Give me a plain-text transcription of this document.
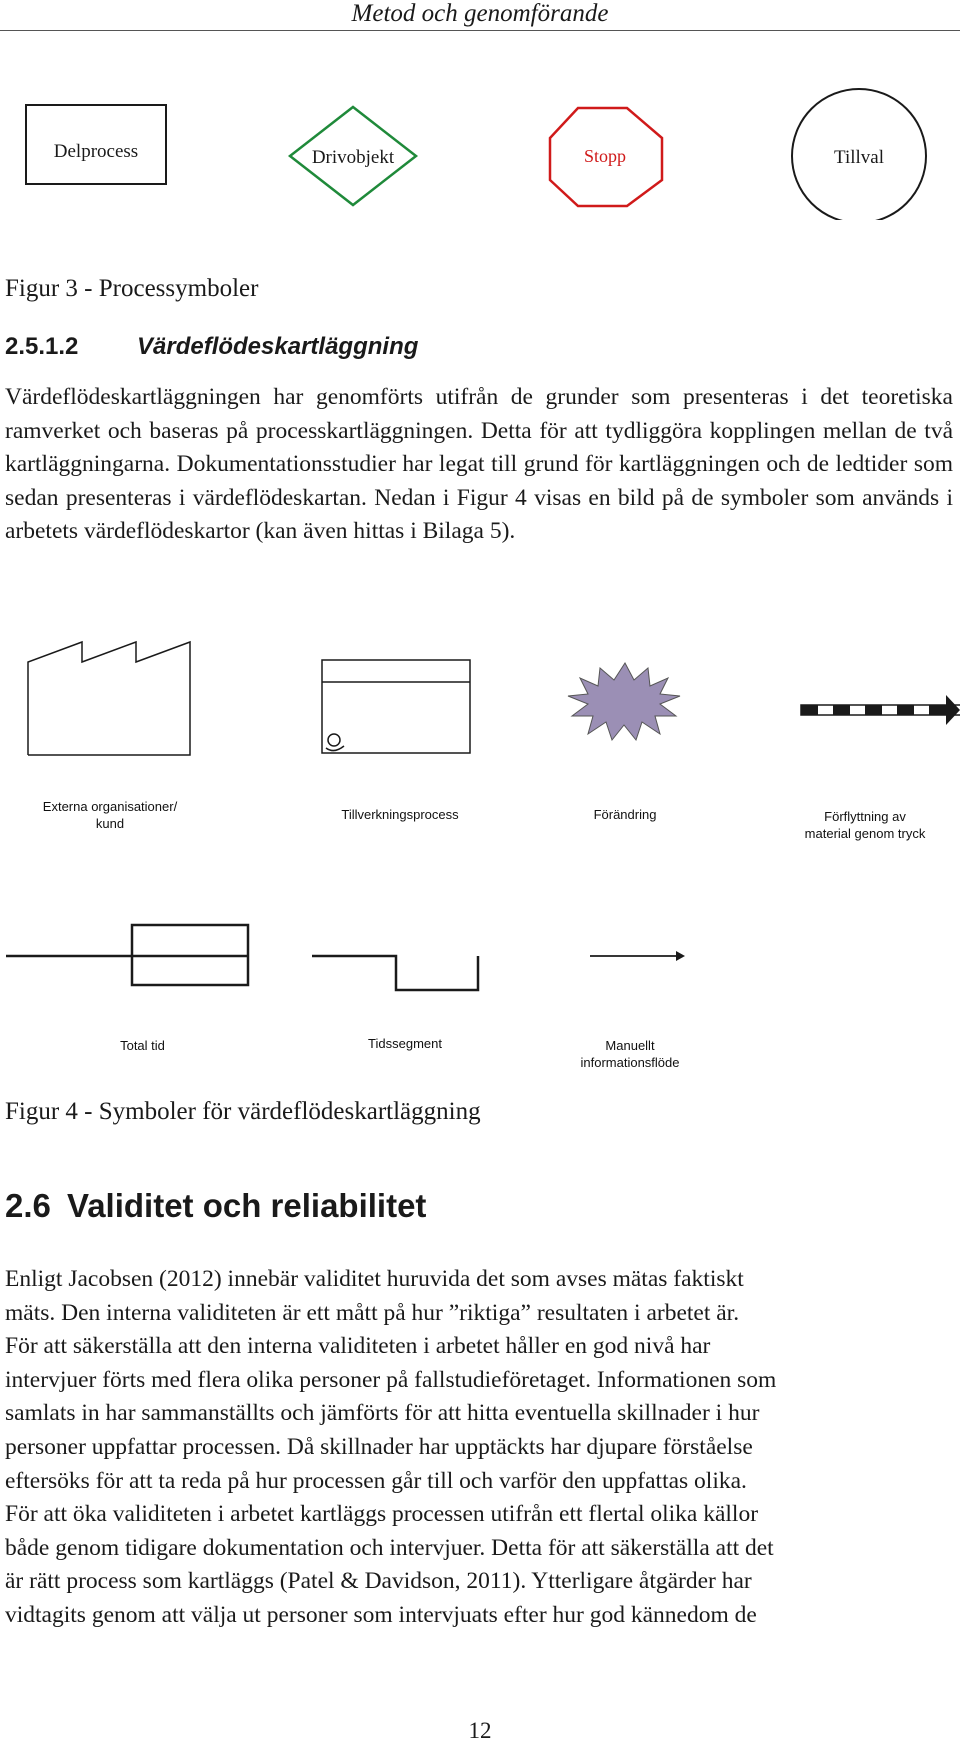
Metod och genomförande
Delprocess	Drivobjekt	Stopp	Tillval
Figur 3 - Processymboler
2.5.1.2 Värdeflödeskartläggning
Värdeflödeskartläggningen har genomförts utifrån de grunder som presenteras i det teoretiska ramverket och baseras på processkartläggningen. Detta för att tydliggöra kopplingen mellan de två kartläggningarna. Dokumentationsstudier har legat till grund för kartläggningen och de ledtider som sedan presenteras i värdeflödeskartan. Nedan i Figur 4 visas en bild på de symboler som används i arbetets värdeflödeskartor (kan även hittas i Bilaga 5).
Externa organisationer/
kund
Tillverkningsprocess	Förändring	Förflyttning av
material genom tryck
Total tid	Tidssegment	Manuellt
informationsflöde
Figur 4 - Symboler för värdeflödeskartläggning
2.6 Validitet och reliabilitet
Enligt Jacobsen (2012) innebär validitet huruvida det som avses mätas faktiskt
mäts. Den interna validiteten är ett mått på hur ”riktiga” resultaten i arbetet är.
För att säkerställa att den interna validiteten i arbetet håller en god nivå har
intervjuer förts med flera olika personer på fallstudieföretaget. Informationen som
samlats in har sammanställts och jämförts för att hitta eventuella skillnader i hur
personer uppfattar processen. Då skillnader har upptäckts har djupare förståelse
eftersöks för att ta reda på hur processen går till och varför den uppfattas olika.
För att öka validiteten i arbetet kartläggs processen utifrån ett flertal olika källor
både genom tidigare dokumentation och intervjuer. Detta för att säkerställa att det
är rätt process som kartläggs (Patel & Davidson, 2011). Ytterligare åtgärder har
vidtagits genom att välja ut personer som intervjuats efter hur god kännedom de
12
